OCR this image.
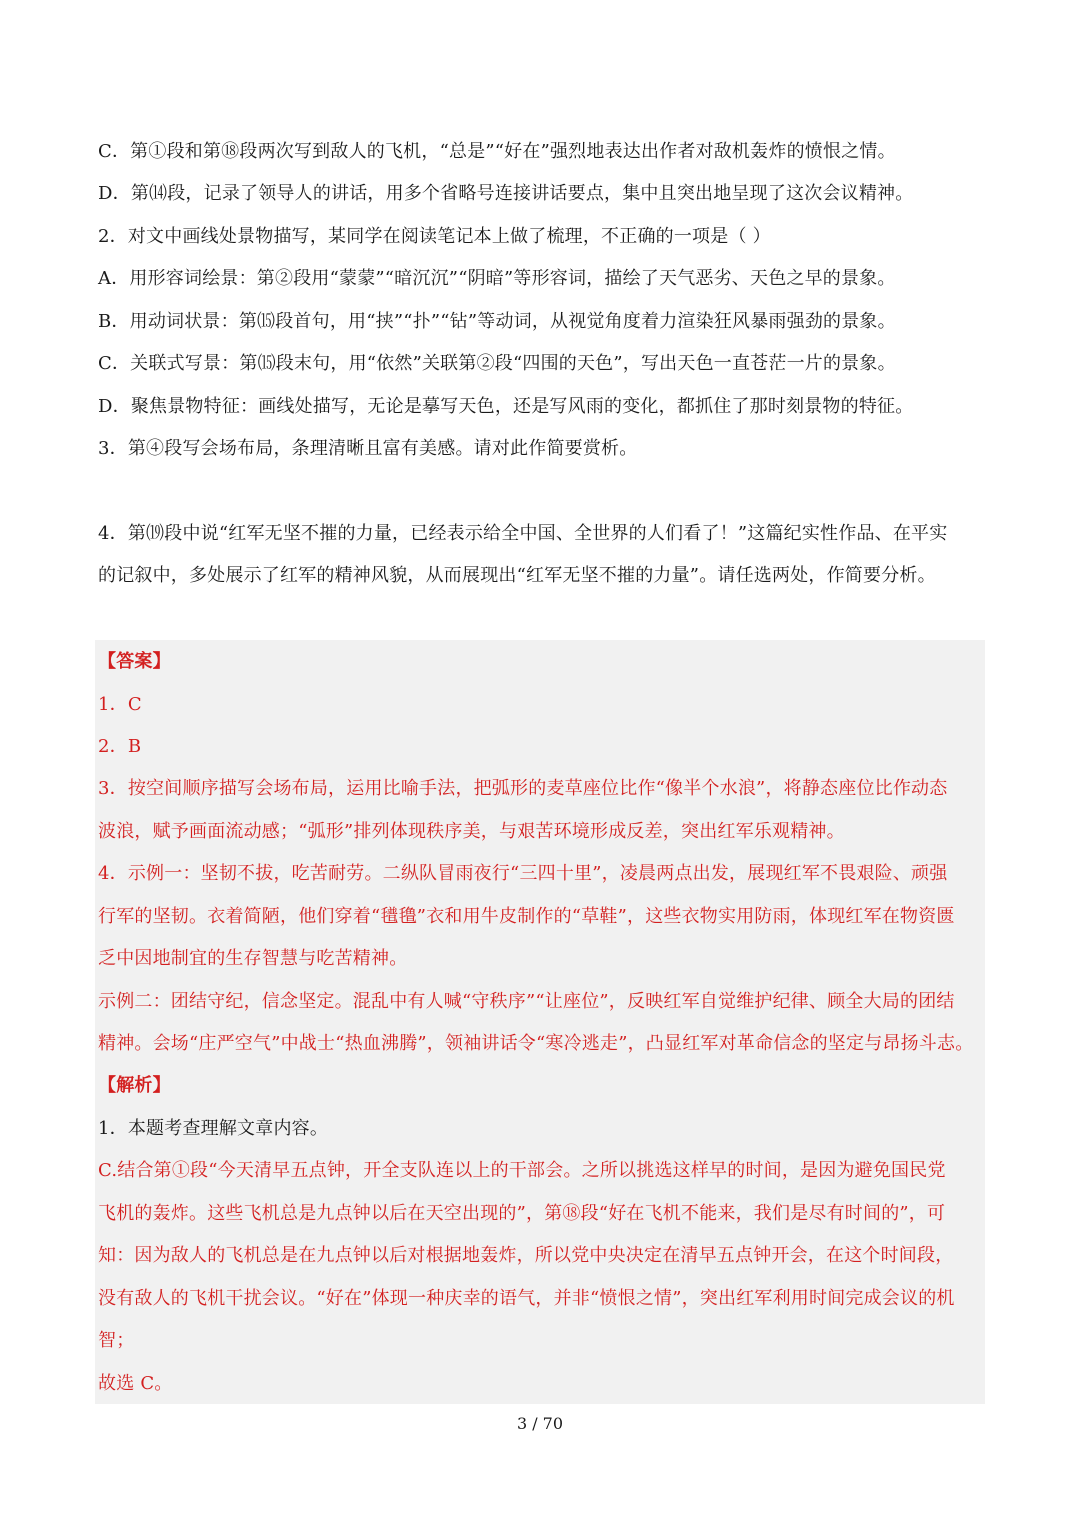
C．第①段和第⑱段两次写到敌人的飞机，“总是”“好在”强烈地表达出作者对敌机轰炸的愤恨之情。
D．第⒁段，记录了领导人的讲话，用多个省略号连接讲话要点，集中且突出地呈现了这次会议精神。
2．对文中画线处景物描写，某同学在阅读笔记本上做了梳理，不正确的一项是（ ）
A．用形容词绘景：第②段用“蒙蒙”“暗沉沉”“阴暗”等形容词，描绘了天气恶劣、天色之早的景象。
B．用动词状景：第⒂段首句，用“挟”“扑”“钻”等动词，从视觉角度着力渲染狂风暴雨强劲的景象。
C．关联式写景：第⒂段末句，用“依然”关联第②段“四围的天色”，写出天色一直苍茫一片的景象。
D．聚焦景物特征：画线处描写，无论是摹写天色，还是写风雨的变化，都抓住了那时刻景物的特征。
3．第④段写会场布局，条理清晰且富有美感。请对此作简要赏析。
4．第⒆段中说“红军无坚不摧的力量，已经表示给全中国、全世界的人们看了！”这篇纪实性作品、在平实
的记叙中，多处展示了红军的精神风貌，从而展现出“红军无坚不摧的力量”。请任选两处，作简要分析。
【答案】
1．C
2．B
3．按空间顺序描写会场布局，运用比喻手法，把弧形的麦草座位比作“像半个水浪”，将静态座位比作动态
波浪，赋予画面流动感；“弧形”排列体现秩序美，与艰苦环境形成反差，突出红军乐观精神。
4．示例一：坚韧不拔，吃苦耐劳。二纵队冒雨夜行“三四十里”，凌晨两点出发，展现红军不畏艰险、顽强
行军的坚韧。衣着简陋，他们穿着“氆氇”衣和用牛皮制作的“草鞋”，这些衣物实用防雨，体现红军在物资匮
乏中因地制宜的生存智慧与吃苦精神。
示例二：团结守纪，信念坚定。混乱中有人喊“守秩序”“让座位”，反映红军自觉维护纪律、顾全大局的团结
精神。会场“庄严空气”中战士“热血沸腾”，领袖讲话令“寒冷逃走”，凸显红军对革命信念的坚定与昂扬斗志。
【解析】
1．本题考查理解文章内容。
C.结合第①段“今天清早五点钟，开全支队连以上的干部会。之所以挑选这样早的时间，是因为避免国民党
飞机的轰炸。这些飞机总是九点钟以后在天空出现的”，第⑱段“好在飞机不能来，我们是尽有时间的”，可
知：因为敌人的飞机总是在九点钟以后对根据地轰炸，所以党中央决定在清早五点钟开会，在这个时间段，
没有敌人的飞机干扰会议。“好在”体现一种庆幸的语气，并非“愤恨之情”，突出红军利用时间完成会议的机
智；
故选 C。
3 / 70
